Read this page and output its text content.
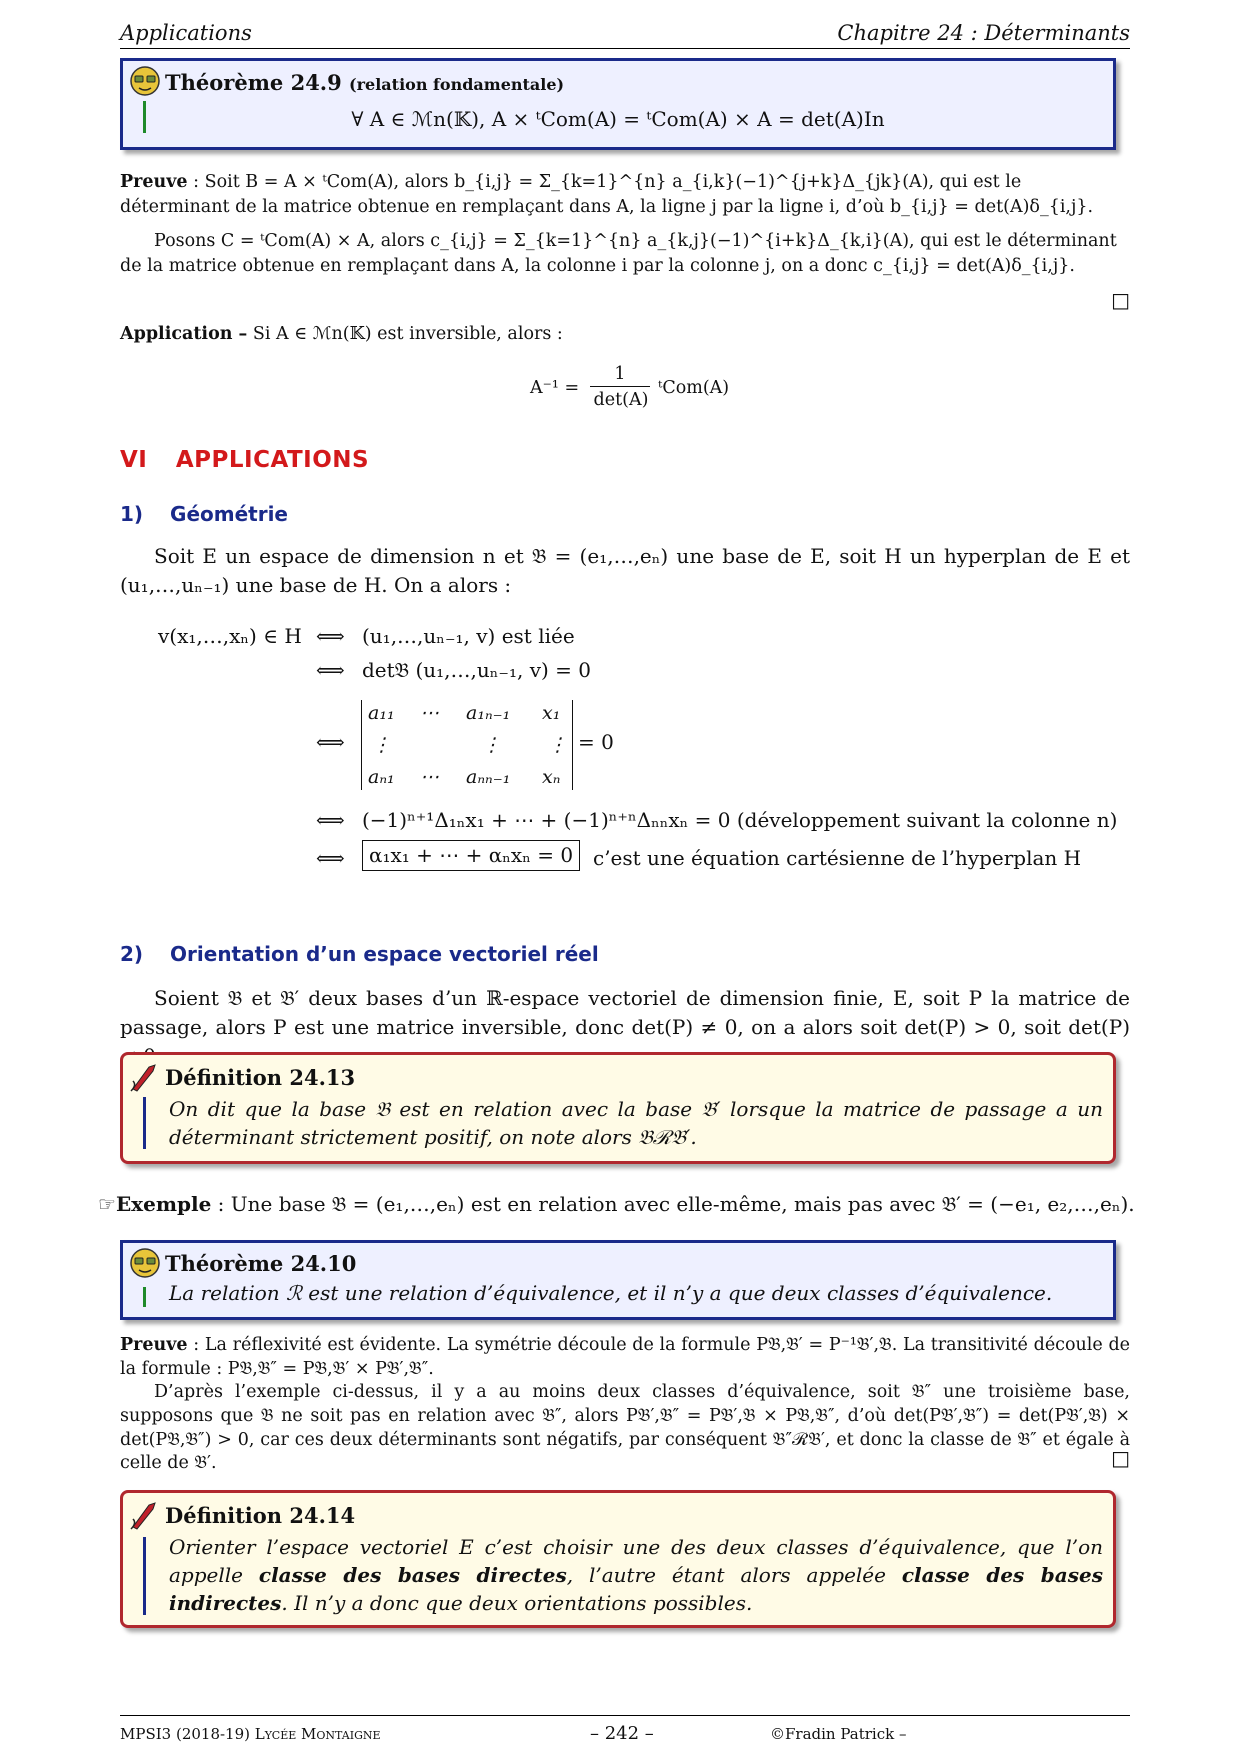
Applications	Chapitre 24 : Déterminants
Théorème 24.9 (relation fondamentale)
∀ A ∈ ℳn(𝕂), A × ᵗCom(A) = ᵗCom(A) × A = det(A)In
Preuve : Soit B = A × ᵗCom(A), alors b_{i,j} = Σ_{k=1}^{n} a_{i,k}(−1)^{j+k}Δ_{jk}(A), qui est le déterminant de la matrice obtenue en remplaçant dans A, la ligne j par la ligne i, d’où b_{i,j} = det(A)δ_{i,j}.
Posons C = ᵗCom(A) × A, alors c_{i,j} = Σ_{k=1}^{n} a_{k,j}(−1)^{i+k}Δ_{k,i}(A), qui est le déterminant de la matrice obtenue en remplaçant dans A, la colonne i par la colonne j, on a donc c_{i,j} = det(A)δ_{i,j}.
□
Application – Si A ∈ ℳn(𝕂) est inversible, alors :
A⁻¹ =
1
det(A)
ᵗCom(A)
VI APPLICATIONS
1) Géométrie
Soit E un espace de dimension n et 𝔅 = (e₁,…,eₙ) une base de E, soit H un hyperplan de E et (u₁,…,uₙ₋₁) une base de H. On a alors :
v(x₁,…,xₙ) ∈ H ⟺ (u₁,…,uₙ₋₁, v) est liée
⟺ det𝔅 (u₁,…,uₙ₋₁, v) = 0
⟺
a₁₁ ⋯ a₁ₙ₋₁ x₁
⋮	⋮ ⋮
aₙ₁ ⋯ aₙₙ₋₁ xₙ
= 0
⟺ (−1)ⁿ⁺¹Δ₁ₙx₁ + ⋯ + (−1)ⁿ⁺ⁿΔₙₙxₙ = 0 (développement suivant la colonne n)
⟺	α₁x₁ + ⋯ + αₙxₙ = 0 c’est une équation cartésienne de l’hyperplan H
2) Orientation d’un espace vectoriel réel
Soient 𝔅 et 𝔅′ deux bases d’un ℝ-espace vectoriel de dimension finie, E, soit P la matrice de passage, alors P est une matrice inversible, donc det(P) ≠ 0, on a alors soit det(P) > 0, soit det(P)
Définition 24.13
On dit que la base 𝔅 est en relation avec la base 𝔅′ lorsque la matrice de passage a un déterminant strictement positif, on note alors 𝔅ℛ𝔅′.
☞Exemple : Une base 𝔅 = (e₁,…,eₙ) est en relation avec elle-même, mais pas avec 𝔅′ = (−e₁, e₂,…,eₙ).
Théorème 24.10
La relation ℛ est une relation d’équivalence, et il n’y a que deux classes d’équivalence.
Preuve : La réflexivité est évidente. La symétrie découle de la formule P𝔅,𝔅′ = P⁻¹𝔅′,𝔅. La transitivité découle de la formule : P𝔅,𝔅″ = P𝔅,𝔅′ × P𝔅′,𝔅″.
D’après l’exemple ci-dessus, il y a au moins deux classes d’équivalence, soit 𝔅″ une troisième base, supposons que 𝔅 ne soit pas en relation avec 𝔅″, alors P𝔅′,𝔅″ = P𝔅′,𝔅 × P𝔅,𝔅″, d’où det(P𝔅′,𝔅″) = det(P𝔅′,𝔅) × det(P𝔅,𝔅″) > 0, car ces deux déterminants sont négatifs, par conséquent 𝔅″ℛ𝔅′, et donc la classe de 𝔅″ et égale à celle de 𝔅′.	□
Définition 24.14
Orienter l’espace vectoriel E c’est choisir une des deux classes d’équivalence, que l’on appelle classe des bases directes, l’autre étant alors appelée classe des bases indirectes. Il n’y a donc que deux orientations possibles.
MPSI3 (2018-19) Lycée Montaigne	– 242 –	©Fradin Patrick –
